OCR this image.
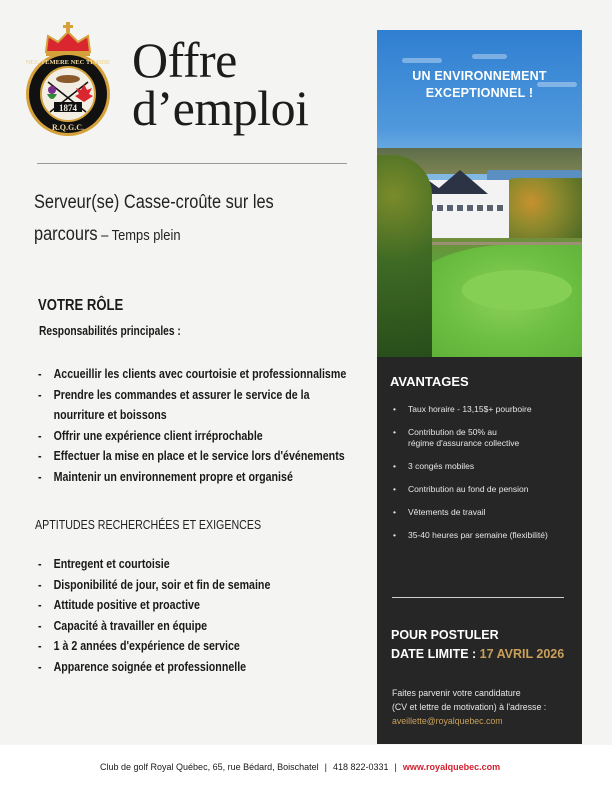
NEC TEMERE NEC TIMIDE
R.Q.G.C.
1874
Offre
d’emploi
Serveur(se) Casse-croûte sur les
parcours – Temps plein
VOTRE RÔLE
Responsabilités principales :
- Accueillir les clients avec courtoisie et professionnalisme
- Prendre les commandes et assurer le service de la
nourriture et boissons
- Offrir une expérience client irréprochable
- Effectuer la mise en place et le service lors d'événements
- Maintenir un environnement propre et organisé
APTITUDES RECHERCHÉES ET EXIGENCES
- Entregent et courtoisie
- Disponibilité de jour, soir et fin de semaine
- Attitude positive et proactive
- Capacité à travailler en équipe
- 1 à 2 années d'expérience de service
- Apparence soignée et professionnelle
UN ENVIRONNEMENT
EXCEPTIONNEL !
AVANTAGES
• Taux horaire - 13,15$+ pourboire
• Contribution de 50% au
régime d'assurance collective
• 3 congés mobiles
• Contribution au fond de pension
• Vêtements de travail
• 35-40 heures par semaine (flexibilité)
POUR POSTULER
DATE LIMITE : 17 AVRIL 2026
Faites parvenir votre candidature
(CV et lettre de motivation) à l'adresse :
aveillette@royalquebec.com
Club de golf Royal Québec, 65, rue Bédard, Boischatel | 418 822-0331 | www.royalquebec.com
